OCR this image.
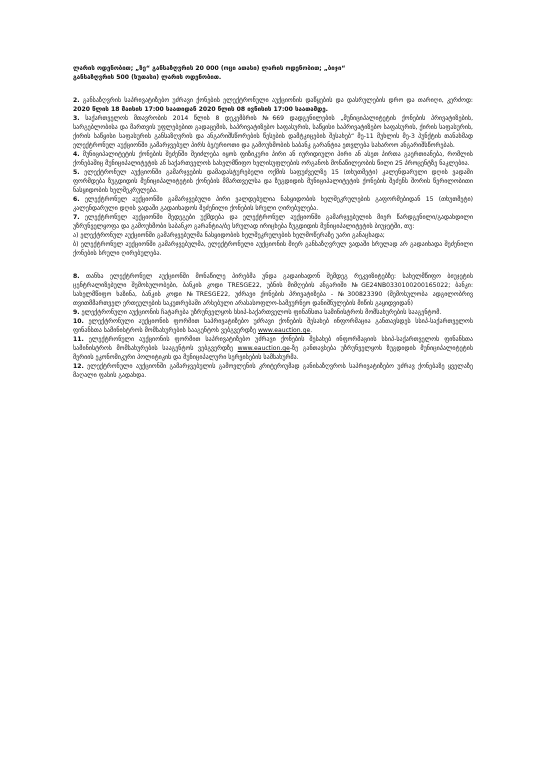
ლარის ოდენობით; „ზე“ განსაზღვრის 20 000 (ოცი ათასი) ლარის ოდენობით; „ბიჯი“
განსაზღვრის 500 (ხუთასი) ლარის ოდენობით.

2. განსაზღვრის საპრივატიზებო უძრავი ქონების ელექტრონული აუქციონის დაწყების და დასრულების დრო და თარიღი, კერძოდ: 2020 წლის 18 მაისის 17:00 საათიდან 2020 წლის 08 ივნისის 17:00 საათამდე.

3. საქართველოს მთავრობის 2014 წლის 8 დეკემბრის №669 დადგენილების „მუნიციპალიტეტის ქონების პრივატიზების, სარგებლობისა და მართვის უფლებებით გადაცემის, საპრივატიზებო საფასურის, საწყისი საპრივატიზებო საფასურის, ქირის საფასურის, ქირის საწყისი საფასურის განსაზღვრის და ანგარიშსწორების წესების დამტკიცების შესახებ“ მე-11 მუხლის მე-3 პუნქტის თანახმად ელექტრონულ აუქციონში გამარჯვებულ პირს ბე/ურიოთი და გამოუხმობის საბანკ გარანტია ეთვლება სახაროო ანგარიშსწორებას.

4. მუნიციპალიტეტის ქონების შეძენში შეიძლება იყოს ფიზიკური პირი ან იურიდიული პირი ან ასეთ პირთა გაერთიანება, რომლის ქონებაშიც მუნიციპალიტეტის ან საქართველოს სახელმწიფო ხელისუფლების ორგანოს მონაწილეობის წილი 25 პროცენტზე ნაკლებია.

5. ელექტრონულ აუქციონში გამარჯვების დამადასტურებელი ოქმის საფუძველზე 15 (თხუთმეტი) კალენდარული დღის ვადაში ფორმდება ზუგდიდის მუნიციპალიტეტის ქონების მმართველსა და ზუგდიდის მუნიციპალიტეტის ქონების შეძენს შორის წერილობითი ნასყიდობის ხელშეკრულება.

6. ელექტრონულ აუქციონში გამარჯვებული პირი ვალდებულია ნასყიდობის ხელშეკრულების გაფორმებიდან 15 (თხუთმეტი) კალენდარული დღის ვადაში გადაიხადოს შეძენილი ქონების სრული ღირებულება.

7. ელექტრონულ აუქციონში შედეგები უქმდება და ელექტრონულ აუქციონში გამარჯვებულის მიერ წარდგენილი/გადახდილი უზრუნველყოფა და გამოუხმობი საბანკო გარანტია/ბე სრულად ირიცხება ზუგდიდის მუნიციპალიტეტის ბიუჯეტში, თუ:
ა) ელექტრონულ აუქციონში გამარჯვებულმა ნასყიდობის ხელშეკრულების ხელმოწერაზე უარი განაცხადა;
ბ) ელექტრონულ აუქციონში გამარჯვებულმა, ელექტრონული აუქციონის მიერ განსაზღვრულ ვადაში სრულად არ გადაიხადა შეძენილი ქონების სრული ღირებულება.

8. თანხა ელექტრონულ აუქციონში მონაწილე პირებმა უნდა გადაიხადონ შემდეგ რეკვიზიტებზე: სახელმწიფო ბიუჯეტის ცენტრალიზებული შემოსულობები, ბანკის კოდი TRESGE22, უბნის მიმღების ანგარიში №GE24NB0330100200165022; ბანკი: სახელმწიფო ხაზინა, ბანკის კოდი №TRESGE22, უძრავი ქონების პრივატიზება - №300823390 (შემოსულობა ადგილობრივ თვითმმართველ ერთეულების საკუთრებაში არსებული არასასოფლო-სამეურნეო დანიშნულების მიწის გაყიდვიდან)

9. ელექტრონული აუქციონის ჩატარება უზრუნველყოს სსიპ-საქართველოს ფინანსთა სამინისტროს მომსახურების სააგენტომ.

10. ელექტრონული აუქციონის ფორმით საპრივატიზებო უძრავი ქონების შესახებ ინფორმაცია განთავსდეს სსიპ-საქართველოს ფინანსთა სამინისტროს მომსახურების სააგენტოს ვებგვერდზე www.eauction.ge.

11. ელექტრონული აუქციონის ფორმით საპრივატიზებო უძრავი ქონების შესახებ ინფორმაციის სსიპ-საქართველოს ფინანსთა სამინისტროს მომსახურების სააგენტოს ვებგვერდზე www.eauction.ge-ზე განთავსება უზრუნველყოს ზუგდიდის მუნიციპალიტეტის მერიის ეკონომიკური პოლიტიკის და მუნიციპალური სერვისების სამსახურმა.

12. ელექტრონული აუქციონში გამარჯვებულის გამოვლენის კრიტერიუმად განისაზღვროს საპრივატიზებო უძრავ ქონებაზე ყველაზე მაღალი ფასის გადახდა.
